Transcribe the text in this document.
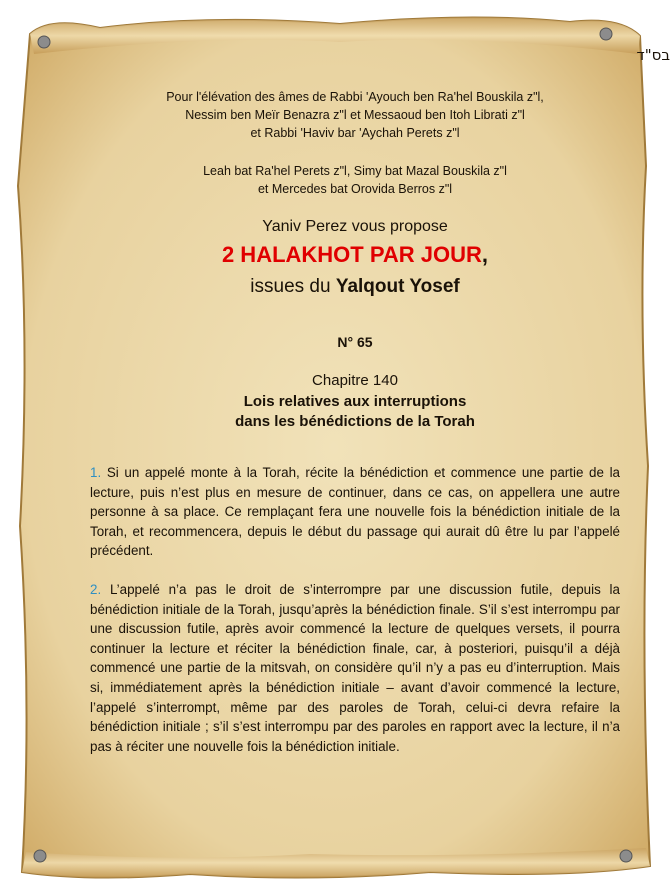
בס"ד
Pour l'élévation des âmes de Rabbi 'Ayouch ben Ra'hel Bouskila z"l,
Nessim ben Meïr Benazra z"l et Messaoud ben Itoh Librati z"l
et Rabbi 'Haviv bar 'Aychah Perets z"l
Leah bat Ra'hel Perets z"l, Simy bat Mazal Bouskila z"l
et Mercedes bat Orovida Berros z"l
Yaniv Perez vous propose
2 HALAKHOT PAR JOUR,
issues du Yalqout Yosef
N° 65
Chapitre 140
Lois relatives aux interruptions
dans les bénédictions de la Torah
1. Si un appelé monte à la Torah, récite la bénédiction et commence une partie de la lecture, puis n’est plus en mesure de continuer, dans ce cas, on appellera une autre personne à sa place. Ce remplaçant fera une nouvelle fois la bénédiction initiale de la Torah, et recommencera, depuis le début du passage qui aurait dû être lu par l’appelé précédent.
2. L’appelé n’a pas le droit de s’interrompre par une discussion futile, depuis la bénédiction initiale de la Torah, jusqu’après la bénédiction finale. S’il s’est interrompu par une discussion futile, après avoir commencé la lecture de quelques versets, il pourra continuer la lecture et réciter la bénédiction finale, car, à posteriori, puisqu’il a déjà commencé une partie de la mitsvah, on considère qu’il n’y a pas eu d’interruption. Mais si, immédiatement après la bénédiction initiale – avant d’avoir commencé la lecture, l’appelé s’interrompt, même par des paroles de Torah, celui-ci devra refaire la bénédiction initiale ; s’il s’est interrompu par des paroles en rapport avec la lecture, il n’a pas à réciter une nouvelle fois la bénédiction initiale.
